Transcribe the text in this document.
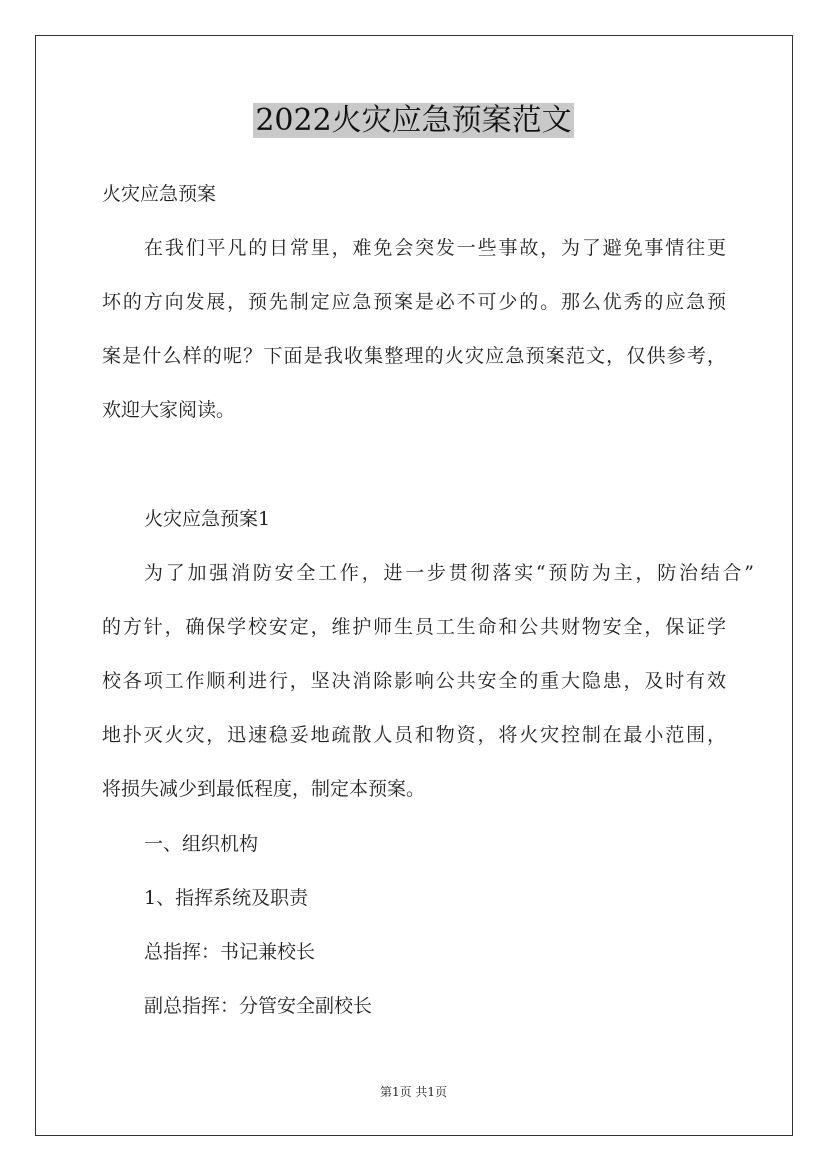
2022火灾应急预案范文
火灾应急预案
在我们平凡的日常里，难免会突发一些事故，为了避免事情往更
坏的方向发展，预先制定应急预案是必不可少的。那么优秀的应急预
案是什么样的呢？下面是我收集整理的火灾应急预案范文，仅供参考，
欢迎大家阅读。
火灾应急预案1
为了加强消防安全工作，进一步贯彻落实“预防为主，防治结合”
的方针，确保学校安定，维护师生员工生命和公共财物安全，保证学
校各项工作顺利进行，坚决消除影响公共安全的重大隐患，及时有效
地扑灭火灾，迅速稳妥地疏散人员和物资，将火灾控制在最小范围，
将损失减少到最低程度，制定本预案。
一、组织机构
1、指挥系统及职责
总指挥：书记兼校长
副总指挥：分管安全副校长
第1页 共1页
